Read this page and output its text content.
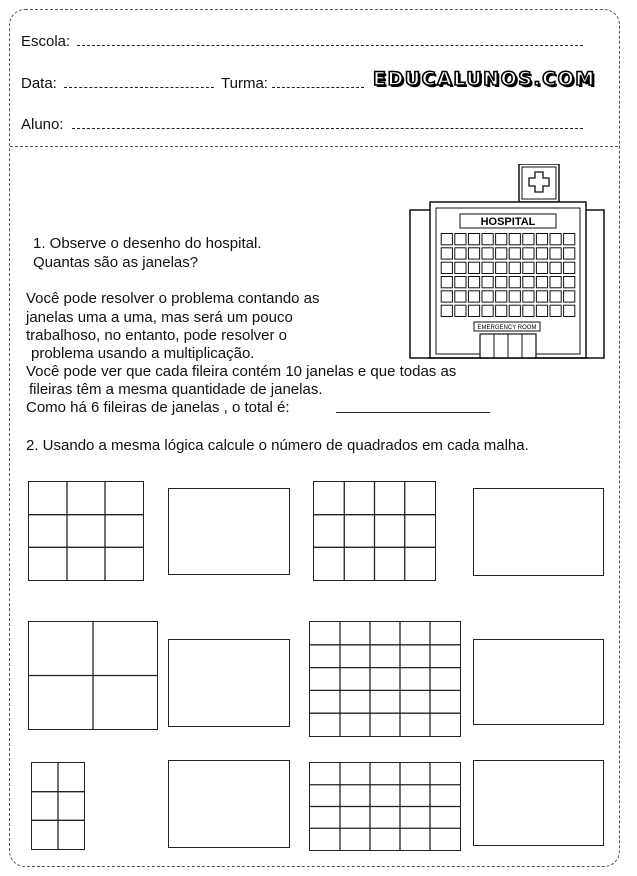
Escola:
Data:	Turma:	EDUCALUNOS.COM
Aluno:
HOSPITAL
EMERGENCY ROOM
1. Observe o desenho do hospital.
Quantas são as janelas?
Você pode resolver o problema contando as
janelas uma a uma, mas será um pouco
trabalhoso, no entanto, pode resolver o
problema usando a multiplicação.
Você pode ver que cada fileira contém 10 janelas e que todas as
fileiras têm a mesma quantidade de janelas.
Como há 6 fileiras de janelas , o total é:
2. Usando a mesma lógica calcule o número de quadrados em cada malha.
